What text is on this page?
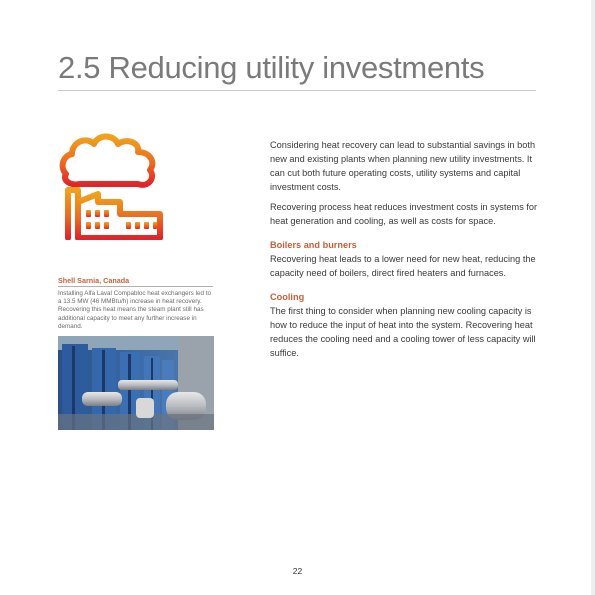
2.5 Reducing utility investments

Shell Sarnia, Canada

Installing Alfa Laval Compabloc heat exchangers led to a 13.5 MW (46 MMBtu/h) increase in heat recovery. Recovering this heat means the steam plant still has additional capacity to meet any further increase in demand.

Considering heat recovery can lead to substantial savings in both new and existing plants when planning new utility investments. It can cut both future operating costs, utility systems and capital investment costs.

Recovering process heat reduces investment costs in systems for heat generation and cooling, as well as costs for space.

Boilers and burners

Recovering heat leads to a lower need for new heat, reducing the capacity need of boilers, direct fired heaters and furnaces.

Cooling

The first thing to consider when planning new cooling capacity is how to reduce the input of heat into the system. Recovering heat reduces the cooling need and a cooling tower of less capacity will suffice.

22
